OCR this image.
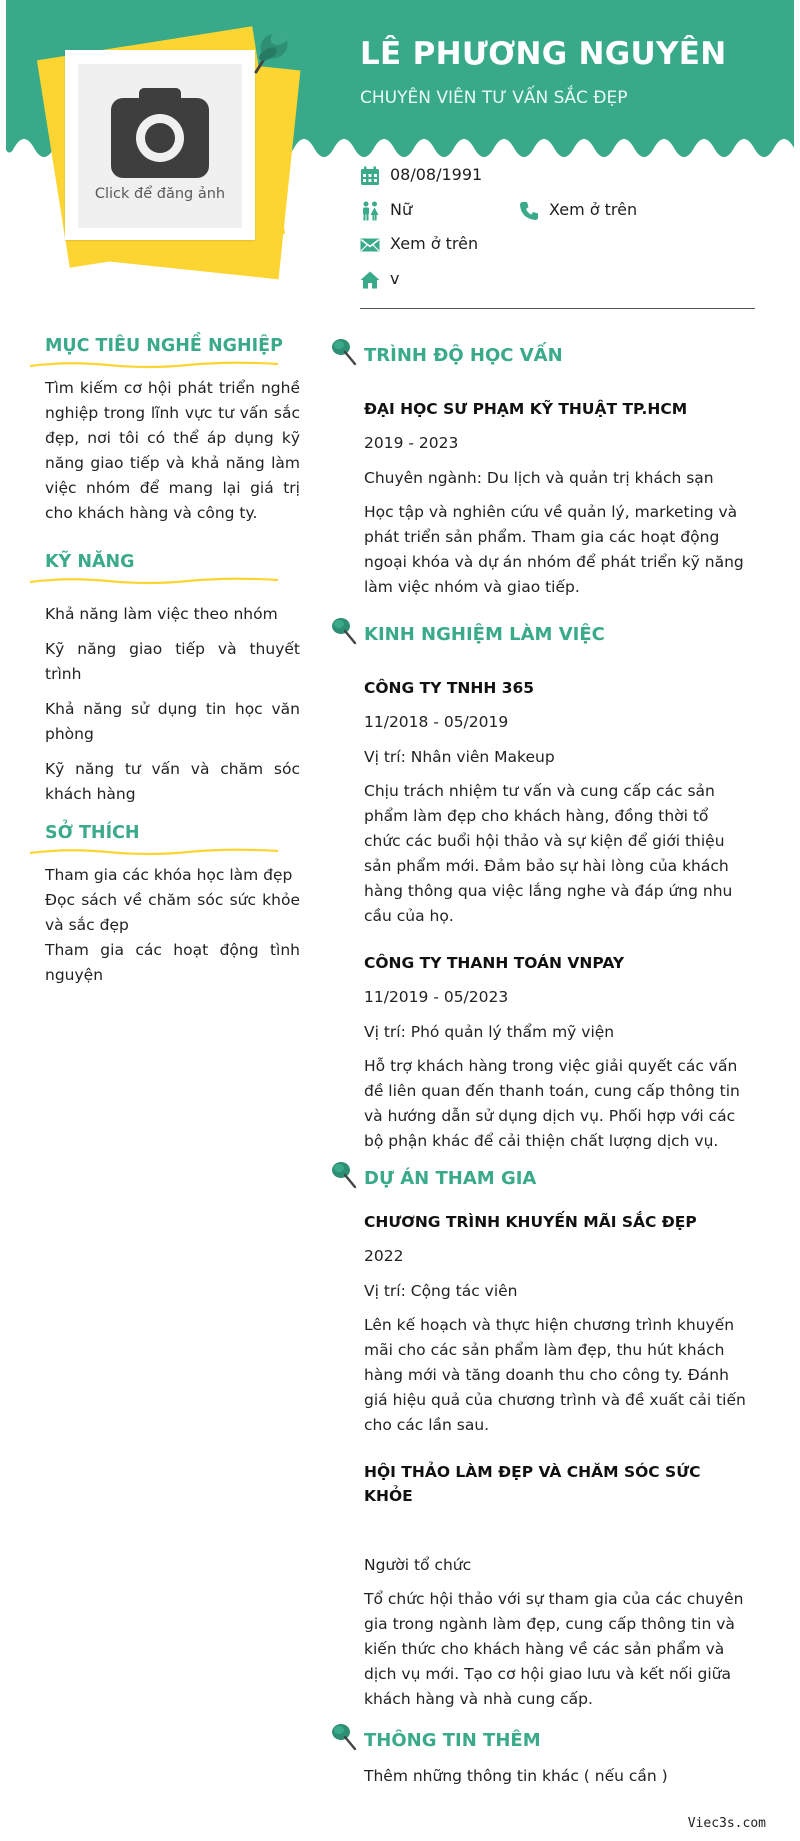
LÊ PHƯƠNG NGUYÊN
CHUYÊN VIÊN TƯ VẤN SẮC ĐẸP
Click để đăng ảnh
08/08/1991
Nữ	Xem ở trên
Xem ở trên
v
MỤC TIÊU NGHỀ NGHIỆP

Tìm kiếm cơ hội phát triển nghề nghiệp trong lĩnh vực tư vấn sắc đẹp, nơi tôi có thể áp dụng kỹ năng giao tiếp và khả năng làm việc nhóm để mang lại giá trị cho khách hàng và công ty.

KỸ NĂNG
Khả năng làm việc theo nhóm
Kỹ năng giao tiếp và thuyết trình
Khả năng sử dụng tin học văn phòng
Kỹ năng tư vấn và chăm sóc khách hàng
SỞ THÍCH
Tham gia các khóa học làm đẹp
Đọc sách về chăm sóc sức khỏe và sắc đẹp
Tham gia các hoạt động tình nguyện
TRÌNH ĐỘ HỌC VẤN
ĐẠI HỌC SƯ PHẠM KỸ THUẬT TP.HCM
2019 - 2023
Chuyên ngành: Du lịch và quản trị khách sạn
Học tập và nghiên cứu về quản lý, marketing và phát triển sản phẩm. Tham gia các hoạt động ngoại khóa và dự án nhóm để phát triển kỹ năng làm việc nhóm và giao tiếp.
KINH NGHIỆM LÀM VIỆC
CÔNG TY TNHH 365
11/2018 - 05/2019
Vị trí: Nhân viên Makeup
Chịu trách nhiệm tư vấn và cung cấp các sản phẩm làm đẹp cho khách hàng, đồng thời tổ chức các buổi hội thảo và sự kiện để giới thiệu sản phẩm mới. Đảm bảo sự hài lòng của khách hàng thông qua việc lắng nghe và đáp ứng nhu cầu của họ.
CÔNG TY THANH TOÁN VNPAY
11/2019 - 05/2023
Vị trí: Phó quản lý thẩm mỹ viện
Hỗ trợ khách hàng trong việc giải quyết các vấn đề liên quan đến thanh toán, cung cấp thông tin và hướng dẫn sử dụng dịch vụ. Phối hợp với các bộ phận khác để cải thiện chất lượng dịch vụ.
DỰ ÁN THAM GIA
CHƯƠNG TRÌNH KHUYẾN MÃI SẮC ĐẸP
2022
Vị trí: Cộng tác viên
Lên kế hoạch và thực hiện chương trình khuyến mãi cho các sản phẩm làm đẹp, thu hút khách hàng mới và tăng doanh thu cho công ty. Đánh giá hiệu quả của chương trình và đề xuất cải tiến cho các lần sau.
HỘI THẢO LÀM ĐẸP VÀ CHĂM SÓC SỨC KHỎE
Người tổ chức
Tổ chức hội thảo với sự tham gia của các chuyên gia trong ngành làm đẹp, cung cấp thông tin và kiến thức cho khách hàng về các sản phẩm và dịch vụ mới. Tạo cơ hội giao lưu và kết nối giữa khách hàng và nhà cung cấp.
THÔNG TIN THÊM
Thêm những thông tin khác ( nếu cần )
Viec3s.com
